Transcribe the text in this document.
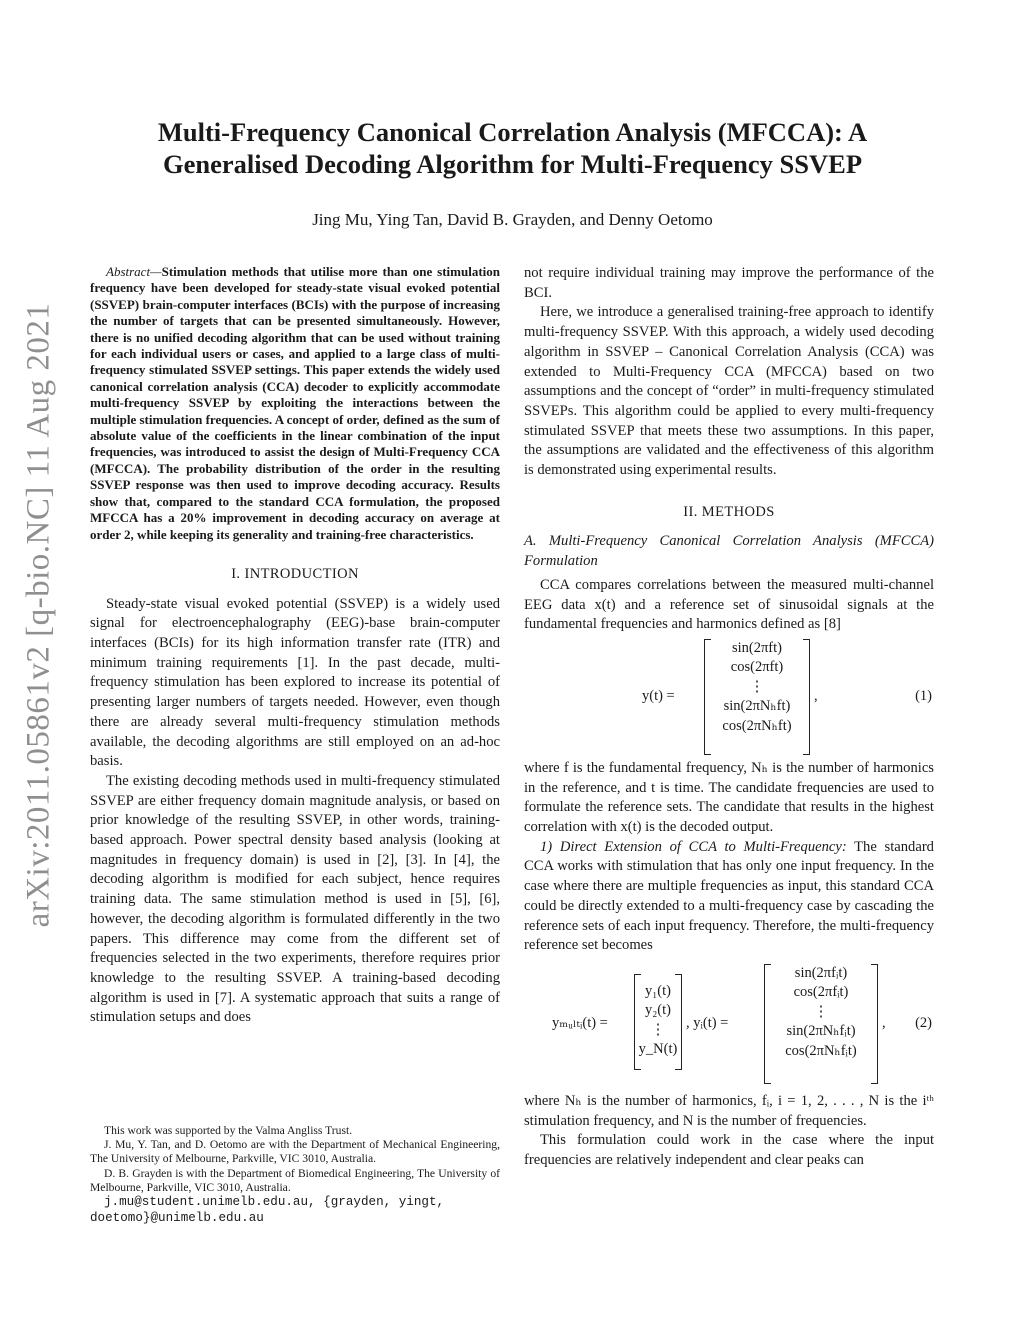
arXiv:2011.05861v2 [q-bio.NC] 11 Aug 2021
Multi-Frequency Canonical Correlation Analysis (MFCCA): A Generalised Decoding Algorithm for Multi-Frequency SSVEP
Jing Mu, Ying Tan, David B. Grayden, and Denny Oetomo

Abstract—Stimulation methods that utilise more than one stimulation frequency have been developed for steady-state visual evoked potential (SSVEP) brain-computer interfaces (BCIs) with the purpose of increasing the number of targets that can be presented simultaneously. However, there is no unified decoding algorithm that can be used without training for each individual users or cases, and applied to a large class of multi-frequency stimulated SSVEP settings. This paper extends the widely used canonical correlation analysis (CCA) decoder to explicitly accommodate multi-frequency SSVEP by exploiting the interactions between the multiple stimulation frequencies. A concept of order, defined as the sum of absolute value of the coefficients in the linear combination of the input frequencies, was introduced to assist the design of Multi-Frequency CCA (MFCCA). The probability distribution of the order in the resulting SSVEP response was then used to improve decoding accuracy. Results show that, compared to the standard CCA formulation, the proposed MFCCA has a 20% improvement in decoding accuracy on average at order 2, while keeping its generality and training-free characteristics.

I. INTRODUCTION

Steady-state visual evoked potential (SSVEP) is a widely used signal for electroencephalography (EEG)-base brain-computer interfaces (BCIs) for its high information transfer rate (ITR) and minimum training requirements [1]. In the past decade, multi-frequency stimulation has been explored to increase its potential of presenting larger numbers of targets needed. However, even though there are already several multi-frequency stimulation methods available, the decoding algorithms are still employed on an ad-hoc basis.

The existing decoding methods used in multi-frequency stimulated SSVEP are either frequency domain magnitude analysis, or based on prior knowledge of the resulting SSVEP, in other words, training-based approach. Power spectral density based analysis (looking at magnitudes in frequency domain) is used in [2], [3]. In [4], the decoding algorithm is modified for each subject, hence requires training data. The same stimulation method is used in [5], [6], however, the decoding algorithm is formulated differently in the two papers. This difference may come from the different set of frequencies selected in the two experiments, therefore requires prior knowledge to the resulting SSVEP. A training-based decoding algorithm is used in [7]. A systematic approach that suits a range of stimulation setups and does

This work was supported by the Valma Angliss Trust.

J. Mu, Y. Tan, and D. Oetomo are with the Department of Mechanical Engineering, The University of Melbourne, Parkville, VIC 3010, Australia.

D. B. Grayden is with the Department of Biomedical Engineering, The University of Melbourne, Parkville, VIC 3010, Australia.

j.mu@student.unimelb.edu.au, {grayden, yingt, doetomo}@unimelb.edu.au

not require individual training may improve the performance of the BCI.

Here, we introduce a generalised training-free approach to identify multi-frequency SSVEP. With this approach, a widely used decoding algorithm in SSVEP – Canonical Correlation Analysis (CCA) was extended to Multi-Frequency CCA (MFCCA) based on two assumptions and the concept of “order” in multi-frequency stimulated SSVEPs. This algorithm could be applied to every multi-frequency stimulated SSVEP that meets these two assumptions. In this paper, the assumptions are validated and the effectiveness of this algorithm is demonstrated using experimental results.

II. METHODS
A. Multi-Frequency Canonical Correlation Analysis (MFCCA) Formulation

CCA compares correlations between the measured multi-channel EEG data x(t) and a reference set of sinusoidal signals at the fundamental frequencies and harmonics defined as [8]

y(t) =
sin(2πft)
cos(2πft)
⋮
sin(2πNₕft)
cos(2πNₕft)
,	(1)

where f is the fundamental frequency, Nₕ is the number of harmonics in the reference, and t is time. The candidate frequencies are used to formulate the reference sets. The candidate that results in the highest correlation with x(t) is the decoded output.

1) Direct Extension of CCA to Multi-Frequency: The standard CCA works with stimulation that has only one input frequency. In the case where there are multiple frequencies as input, this standard CCA could be directly extended to a multi-frequency case by cascading the reference sets of each input frequency. Therefore, the multi-frequency reference set becomes

yₘᵤₗₜᵢ(t) =
y₁(t)
y₂(t)
⋮
y_N(t)
, yᵢ(t) =
sin(2πfᵢt)
cos(2πfᵢt)
⋮
sin(2πNₕfᵢt)
cos(2πNₕfᵢt)
, (2)

where Nₕ is the number of harmonics, fᵢ, i = 1, 2, . . . , N is the iᵗʰ stimulation frequency, and N is the number of frequencies.

This formulation could work in the case where the input frequencies are relatively independent and clear peaks can
